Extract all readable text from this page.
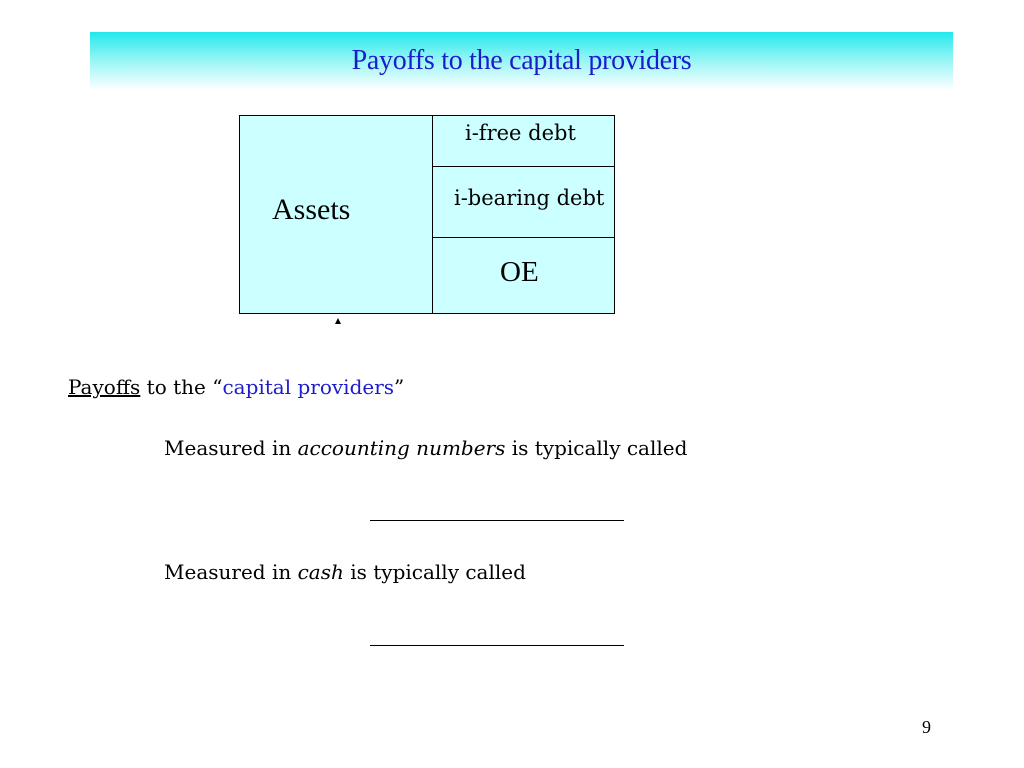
Payoffs to the capital providers
Assets
i-free debt
i-bearing debt
OE
Payoffs to the “capital providers”
Measured in accounting numbers is typically called
Measured in cash is typically called
9
